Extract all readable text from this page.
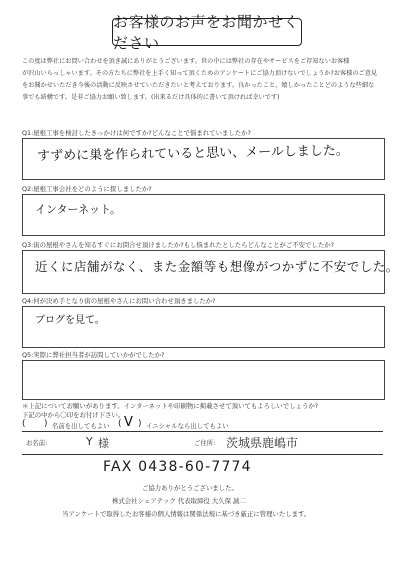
お客様のお声をお聞かせください
この度は弊社にお問い合わせを頂き誠にありがとうございます。世の中には弊社の存在やサービスをご存知ないお客様
が沢山いらっしゃいます。その方たちに弊社を上手く知って頂くためのアンケートにご協力頂けないでしょうか?お客様のご意見
をお聞かせいただき今後の活動に反映させていただきたいと考えております。良かったこと、嬉しかったことどのような些細な
事でも結構です。是非ご協力お願い致します。(出来るだけ具体的に書いて頂ければ幸いです)
Q1:屋根工事を検討したきっかけは何ですか?どんなことで悩まれていましたか?
すずめに巣を作られていると思い、メールしました。
Q2:屋根工事会社をどのように探しましたか?
インターネット。
Q3:街の屋根やさんを知るすぐにお問合せ頂けましたか?もし悩まれたとしたらどんなことがご不安でしたか?
近くに店舗がなく、また金額等も想像がつかずに不安でした。
Q4:何が決め手となり街の屋根やさんにお問い合わせ頂きましたか?
ブログを見て。
Q5:実際に弊社担当者が訪問していかがでしたか?
＊上記についてお願いがあります。インターネットや印刷物に掲載させて頂いてもよろしいでしょうか?
下記の中から〇印をお付け下さい。
( ) 名前を出してもよい ( V ) イニシャルなら出してもよい
お名前:	Y 様	ご住所: 茨城県鹿嶋市
FAX 0438-60-7774
ご協力ありがとうございました。
株式会社シェアテック 代表取締役 大久保 誠二
当アンケートで取得したお客様の個人情報は関係法規に基づき厳正に管理いたします。
